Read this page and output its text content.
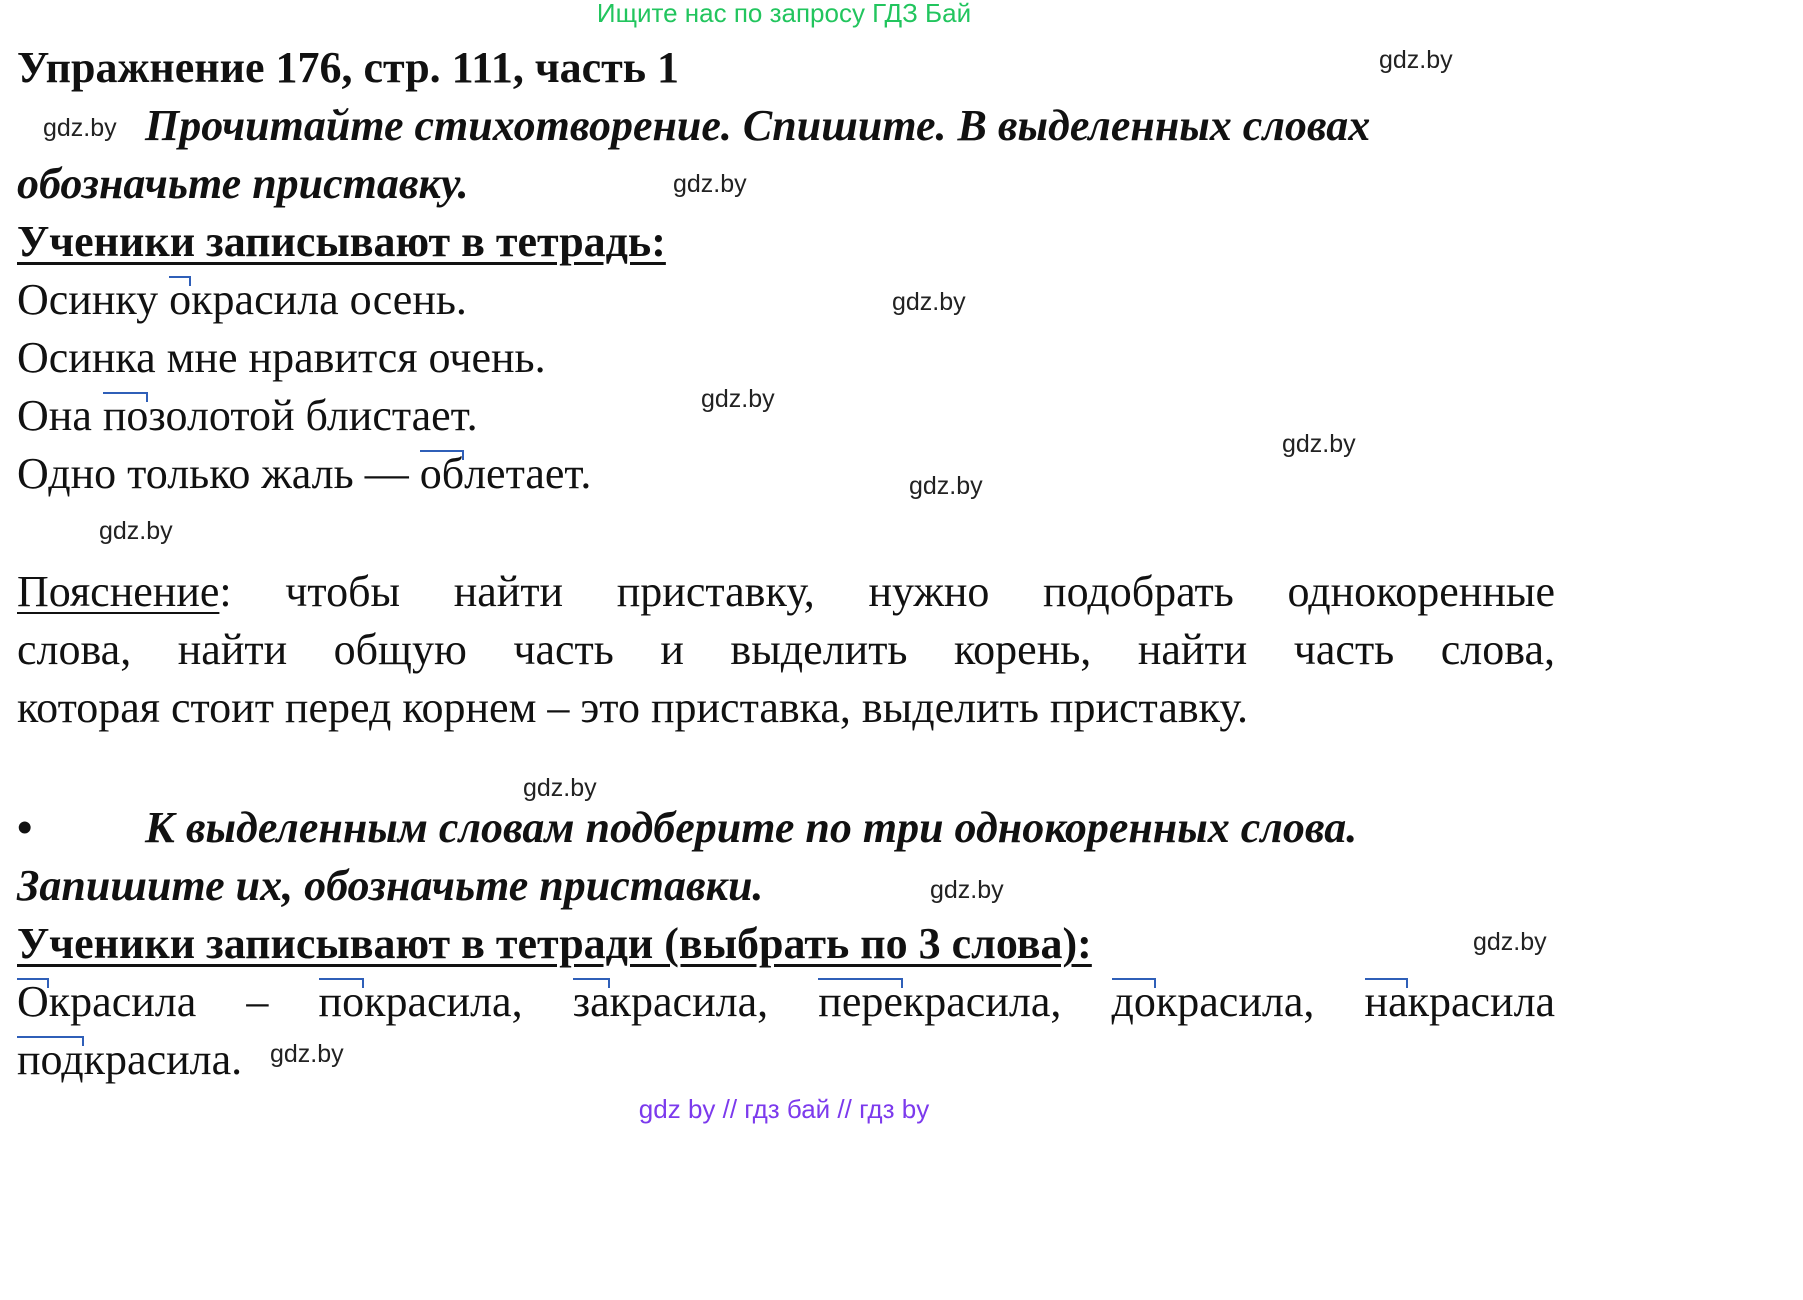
Ищите нас по запросу ГДЗ Бай
Упражнение 176, стр. 111, часть 1
Прочитайте стихотворение. Спишите. В выделенных словах
обозначьте приставку.
Ученики записывают в тетрадь:
Осинку окрасила осень.
Осинка мне нравится очень.
Она позолотой блистает.
Одно только жаль — облетает.
Пояснение: чтобы найти приставку, нужно подобрать однокоренные
слова, найти общую часть и выделить корень, найти часть слова,
которая стоит перед корнем – это приставка, выделить приставку.
•	К выделенным словам подберите по три однокоренных слова.
Запишите их, обозначьте приставки.
Ученики записывают в тетради (выбрать по 3 слова):
Окрасила – покрасила, закрасила, перекрасила, докрасила, накрасила
подкрасила.
gdz.by
gdz.by
gdz.by
gdz.by
gdz.by
gdz.by
gdz.by
gdz.by
gdz.by
gdz.by
gdz.by
gdz.by
gdz by // гдз бай // гдз by
